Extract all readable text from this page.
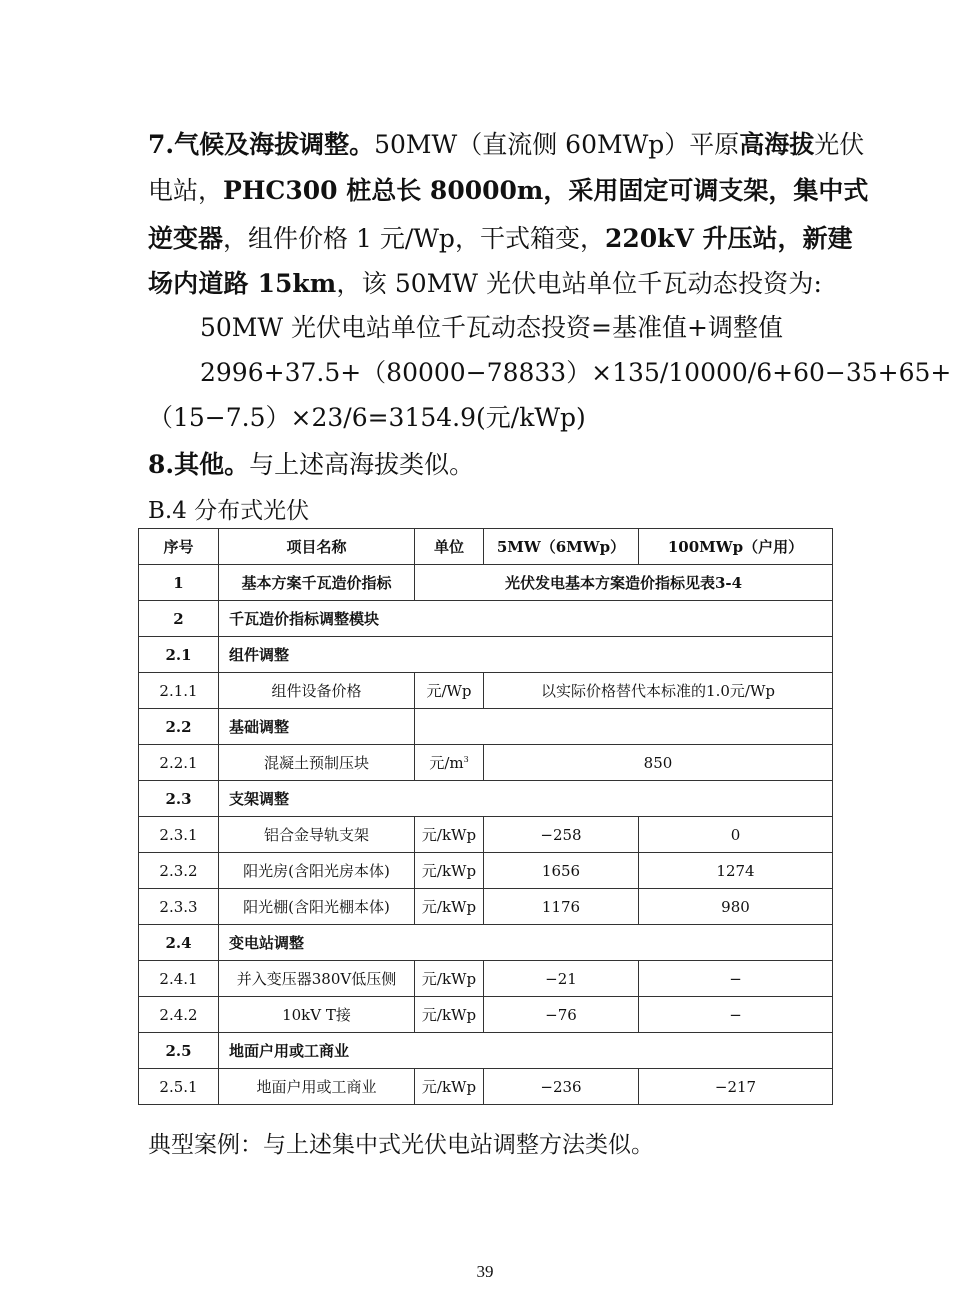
7.气候及海拔调整。50MW（直流侧 60MWp）平原高海拔光伏
电站，PHC300 桩总长 80000m，采用固定可调支架，集中式
逆变器，组件价格 1 元/Wp，干式箱变，220kV 升压站，新建
场内道路 15km，该 50MW 光伏电站单位千瓦动态投资为:
50MW 光伏电站单位千瓦动态投资=基准值+调整值
2996+37.5+（80000−78833）×135/10000/6+60−35+65+
（15−7.5）×23/6=3154.9(元/kWp)
8.其他。与上述高海拔类似。
B.4 分布式光伏
序号	项目名称	单位	5MW（6MWp）	100MWp（户用）
1	基本方案千瓦造价指标	光伏发电基本方案造价指标见表3-4		
2	千瓦造价指标调整模块			
2.1	组件调整			
2.1.1	组件设备价格	元/Wp	以实际价格替代本标准的1.0元/Wp	
2.2	基础调整			
2.2.1	混凝土预制压块	元$/m^3$	850	
2.3	支架调整			
2.3.1	铝合金导轨支架	元/kWp	−258	0
2.3.2	阳光房(含阳光房本体)	元/kWp	1656	1274
2.3.3	阳光棚(含阳光棚本体)	元/kWp	1176	980
2.4	变电站调整			
2.4.1	并入变压器380V低压侧	元/kWp	−21	−
2.4.2	10kV T接	元/kWp	−76	−
2.5	地面户用或工商业			
2.5.1	地面户用或工商业	元/kWp	−236	−217
典型案例：与上述集中式光伏电站调整方法类似。
39
